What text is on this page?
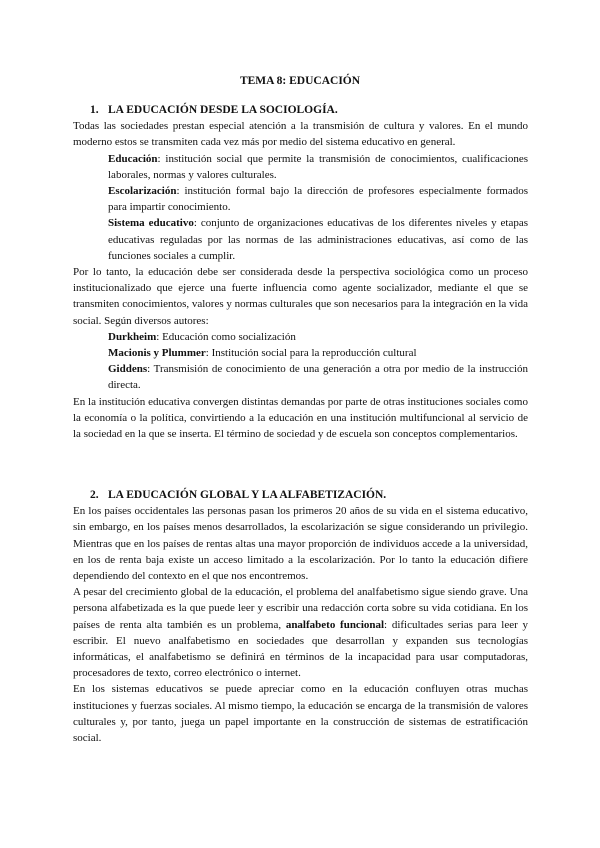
TEMA 8: EDUCACIÓN
1. LA EDUCACIÓN DESDE LA SOCIOLOGÍA.

Todas las sociedades prestan especial atención a la transmisión de cultura y valores. En el mundo moderno estos se transmiten cada vez más por medio del sistema educativo en general.

Educación: institución social que permite la transmisión de conocimientos, cualificaciones laborales, normas y valores culturales.

Escolarización: institución formal bajo la dirección de profesores especialmente formados para impartir conocimiento.

Sistema educativo: conjunto de organizaciones educativas de los diferentes niveles y etapas educativas reguladas por las normas de las administraciones educativas, así como de las funciones sociales a cumplir.

Por lo tanto, la educación debe ser considerada desde la perspectiva sociológica como un proceso institucionalizado que ejerce una fuerte influencia como agente socializador, mediante el que se transmiten conocimientos, valores y normas culturales que son necesarios para la integración en la vida social. Según diversos autores:

Durkheim: Educación como socialización

Macionis y Plummer: Institución social para la reproducción cultural

Giddens: Transmisión de conocimiento de una generación a otra por medio de la instrucción directa.

En la institución educativa convergen distintas demandas por parte de otras instituciones sociales como la economía o la política, convirtiendo a la educación en una institución multifuncional al servicio de la sociedad en la que se inserta. El término de sociedad y de escuela son conceptos complementarios.

2. LA EDUCACIÓN GLOBAL Y LA ALFABETIZACIÓN.

En los países occidentales las personas pasan los primeros 20 años de su vida en el sistema educativo, sin embargo, en los países menos desarrollados, la escolarización se sigue considerando un privilegio. Mientras que en los países de rentas altas una mayor proporción de individuos accede a la universidad, en los de renta baja existe un acceso limitado a la escolarización. Por lo tanto la educación difiere dependiendo del contexto en el que nos encontremos.

A pesar del crecimiento global de la educación, el problema del analfabetismo sigue siendo grave. Una persona alfabetizada es la que puede leer y escribir una redacción corta sobre su vida cotidiana. En los países de renta alta también es un problema, analfabeto funcional: dificultades serias para leer y escribir. El nuevo analfabetismo en sociedades que desarrollan y expanden sus tecnologías informáticas, el analfabetismo se definirá en términos de la incapacidad para usar computadoras, procesadores de texto, correo electrónico o internet.

En los sistemas educativos se puede apreciar como en la educación confluyen otras muchas instituciones y fuerzas sociales. Al mismo tiempo, la educación se encarga de la transmisión de valores culturales y, por tanto, juega un papel importante en la construcción de sistemas de estratificación social.
